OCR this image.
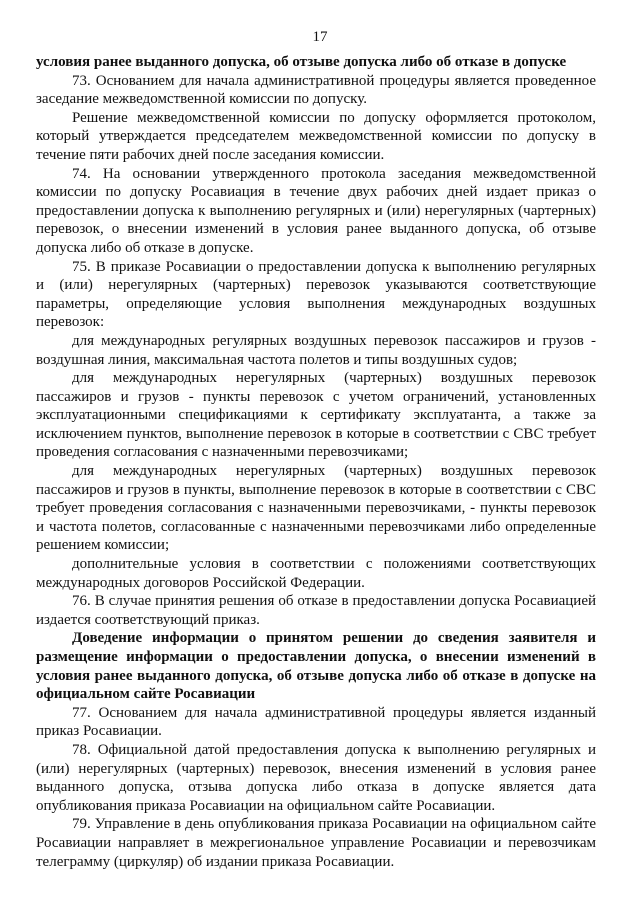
17

условия ранее выданного допуска, об отзыве допуска либо об отказе в допуске

73. Основанием для начала административной процедуры является проведенное заседание межведомственной комиссии по допуску.

Решение межведомственной комиссии по допуску оформляется протоколом, который утверждается председателем межведомственной комиссии по допуску в течение пяти рабочих дней после заседания комиссии.

74. На основании утвержденного протокола заседания межведомственной комиссии по допуску Росавиация в течение двух рабочих дней издает приказ о предоставлении допуска к выполнению регулярных и (или) нерегулярных (чартерных) перевозок, о внесении изменений в условия ранее выданного допуска, об отзыве допуска либо об отказе в допуске.

75. В приказе Росавиации о предоставлении допуска к выполнению регулярных и (или) нерегулярных (чартерных) перевозок указываются соответствующие параметры, определяющие условия выполнения международных воздушных перевозок:

для международных регулярных воздушных перевозок пассажиров и грузов - воздушная линия, максимальная частота полетов и типы воздушных судов;

для международных нерегулярных (чартерных) воздушных перевозок пассажиров и грузов - пункты перевозок с учетом ограничений, установленных эксплуатационными спецификациями к сертификату эксплуатанта, а также за исключением пунктов, выполнение перевозок в которые в соответствии с СВС требует проведения согласования с назначенными перевозчиками;

для международных нерегулярных (чартерных) воздушных перевозок пассажиров и грузов в пункты, выполнение перевозок в которые в соответствии с СВС требует проведения согласования с назначенными перевозчиками, - пункты перевозок и частота полетов, согласованные с назначенными перевозчиками либо определенные решением комиссии;

дополнительные условия в соответствии с положениями соответствующих международных договоров Российской Федерации.

76. В случае принятия решения об отказе в предоставлении допуска Росавиацией издается соответствующий приказ.

Доведение информации о принятом решении до сведения заявителя и размещение информации о предоставлении допуска, о внесении изменений в условия ранее выданного допуска, об отзыве допуска либо об отказе в допуске на официальном сайте Росавиации

77. Основанием для начала административной процедуры является изданный приказ Росавиации.

78. Официальной датой предоставления допуска к выполнению регулярных и (или) нерегулярных (чартерных) перевозок, внесения изменений в условия ранее выданного допуска, отзыва допуска либо отказа в допуске является дата опубликования приказа Росавиации на официальном сайте Росавиации.

79. Управление в день опубликования приказа Росавиации на официальном сайте Росавиации направляет в межрегиональное управление Росавиации и перевозчикам телеграмму (циркуляр) об издании приказа Росавиации.
